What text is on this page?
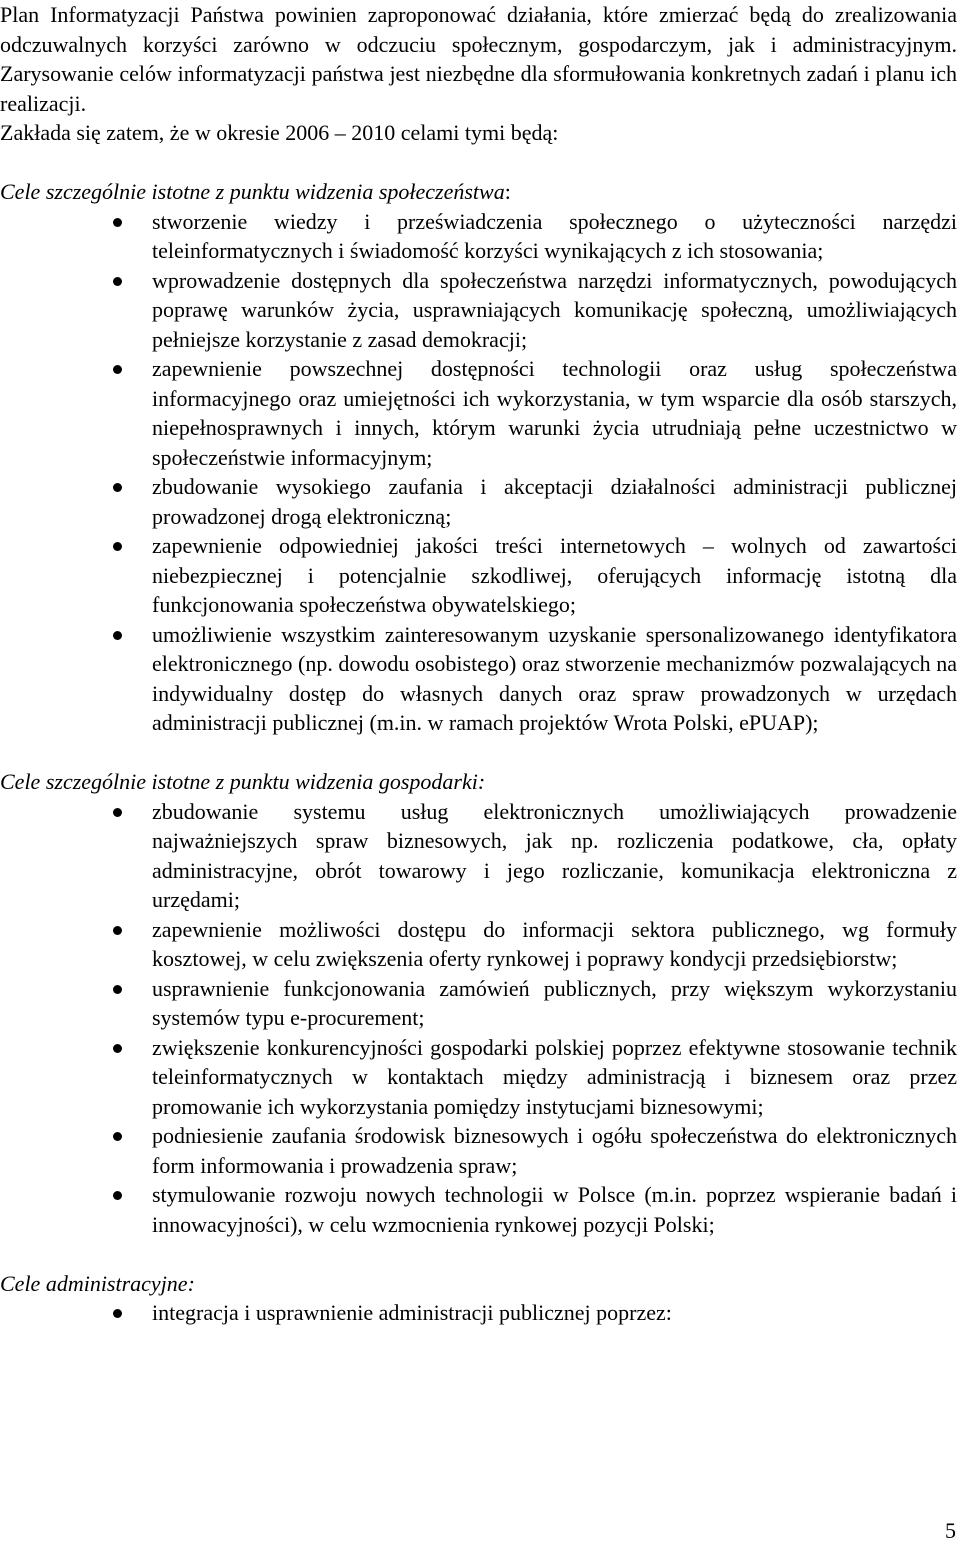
Plan Informatyzacji Państwa powinien zaproponować działania, które zmierzać będą do zrealizowania odczuwalnych korzyści zarówno w odczuciu społecznym, gospodarczym, jak i administracyjnym. Zarysowanie celów informatyzacji państwa jest niezbędne dla sformułowania konkretnych zadań i planu ich realizacji.

Zakłada się zatem, że w okresie 2006 – 2010 celami tymi będą:

Cele szczególnie istotne z punktu widzenia społeczeństwa:

stworzenie wiedzy i przeświadczenia społecznego o użyteczności narzędzi teleinformatycznych i świadomość korzyści wynikających z ich stosowania;
wprowadzenie dostępnych dla społeczeństwa narzędzi informatycznych, powodujących poprawę warunków życia, usprawniających komunikację społeczną, umożliwiających pełniejsze korzystanie z zasad demokracji;
zapewnienie powszechnej dostępności technologii oraz usług społeczeństwa informacyjnego oraz umiejętności ich wykorzystania, w tym wsparcie dla osób starszych, niepełnosprawnych i innych, którym warunki życia utrudniają pełne uczestnictwo w społeczeństwie informacyjnym;
zbudowanie wysokiego zaufania i akceptacji działalności administracji publicznej prowadzonej drogą elektroniczną;
zapewnienie odpowiedniej jakości treści internetowych – wolnych od zawartości niebezpiecznej i potencjalnie szkodliwej, oferujących informację istotną dla funkcjonowania społeczeństwa obywatelskiego;
umożliwienie wszystkim zainteresowanym uzyskanie spersonalizowanego identyfikatora elektronicznego (np. dowodu osobistego) oraz stworzenie mechanizmów pozwalających na indywidualny dostęp do własnych danych oraz spraw prowadzonych w urzędach administracji publicznej (m.in. w ramach projektów Wrota Polski, ePUAP);

Cele szczególnie istotne z punktu widzenia gospodarki:

zbudowanie systemu usług elektronicznych umożliwiających prowadzenie najważniejszych spraw biznesowych, jak np. rozliczenia podatkowe, cła, opłaty administracyjne, obrót towarowy i jego rozliczanie, komunikacja elektroniczna z urzędami;
zapewnienie możliwości dostępu do informacji sektora publicznego, wg formuły kosztowej, w celu zwiększenia oferty rynkowej i poprawy kondycji przedsiębiorstw;
usprawnienie funkcjonowania zamówień publicznych, przy większym wykorzystaniu systemów typu e-procurement;
zwiększenie konkurencyjności gospodarki polskiej poprzez efektywne stosowanie technik teleinformatycznych w kontaktach między administracją i biznesem oraz przez promowanie ich wykorzystania pomiędzy instytucjami biznesowymi;
podniesienie zaufania środowisk biznesowych i ogółu społeczeństwa do elektronicznych form informowania i prowadzenia spraw;
stymulowanie rozwoju nowych technologii w Polsce (m.in. poprzez wspieranie badań i innowacyjności), w celu wzmocnienia rynkowej pozycji Polski;

Cele administracyjne:

integracja i usprawnienie administracji publicznej poprzez:
5
